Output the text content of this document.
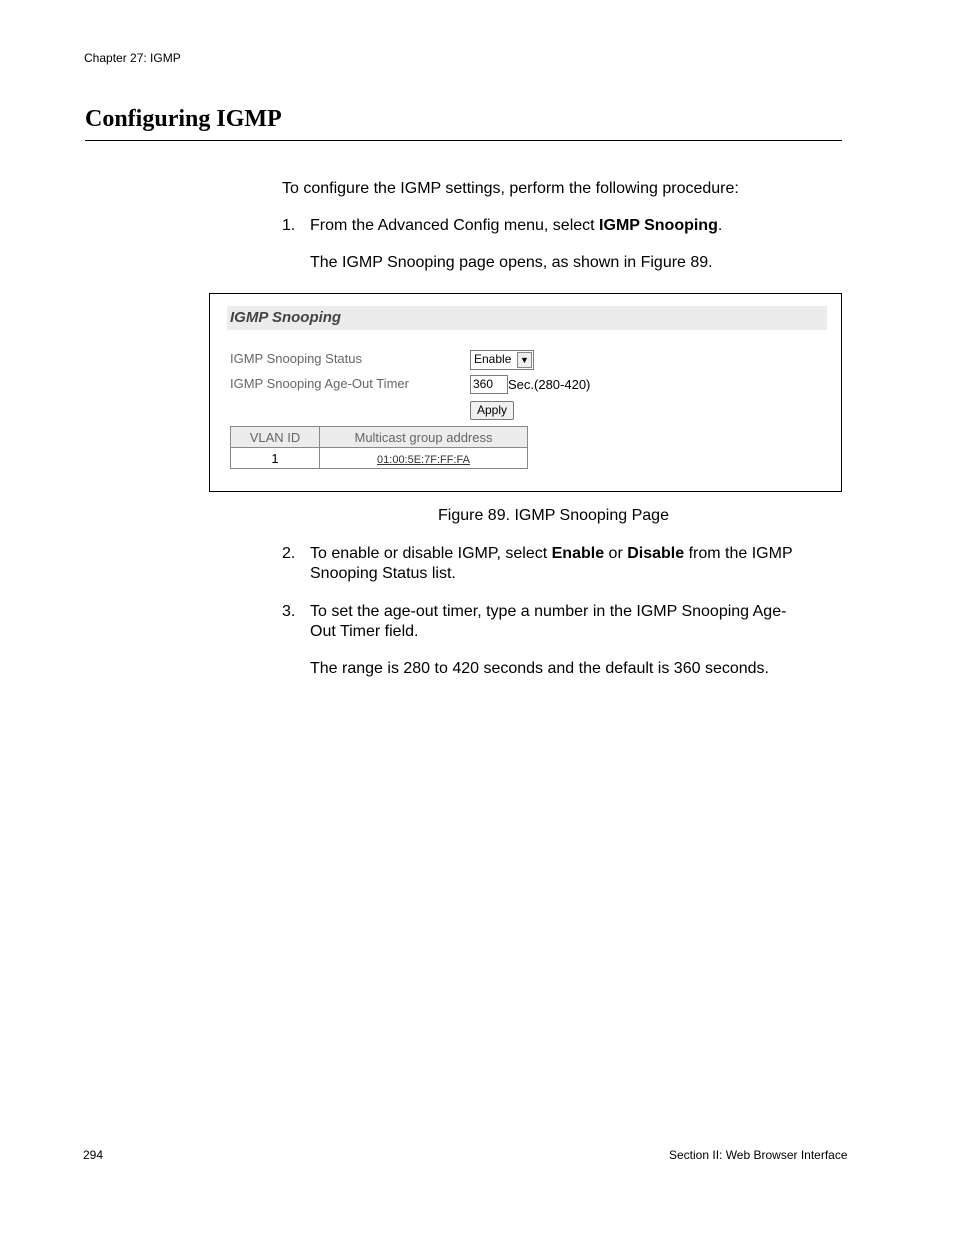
Chapter 27: IGMP
Configuring IGMP
To configure the IGMP settings, perform the following procedure:
1. From the Advanced Config menu, select IGMP Snooping.
The IGMP Snooping page opens, as shown in Figure 89.
IGMP Snooping
IGMP Snooping Status	Enable ▼
IGMP Snooping Age-Out Timer	360 Sec.(280-420)
Apply
VLAN ID	Multicast group address
1	01:00:5E:7F:FF:FA
Figure 89. IGMP Snooping Page
2. To enable or disable IGMP, select Enable or Disable from the IGMP
Snooping Status list.
3. To set the age-out timer, type a number in the IGMP Snooping Age-
Out Timer field.
The range is 280 to 420 seconds and the default is 360 seconds.
294	Section II: Web Browser Interface
